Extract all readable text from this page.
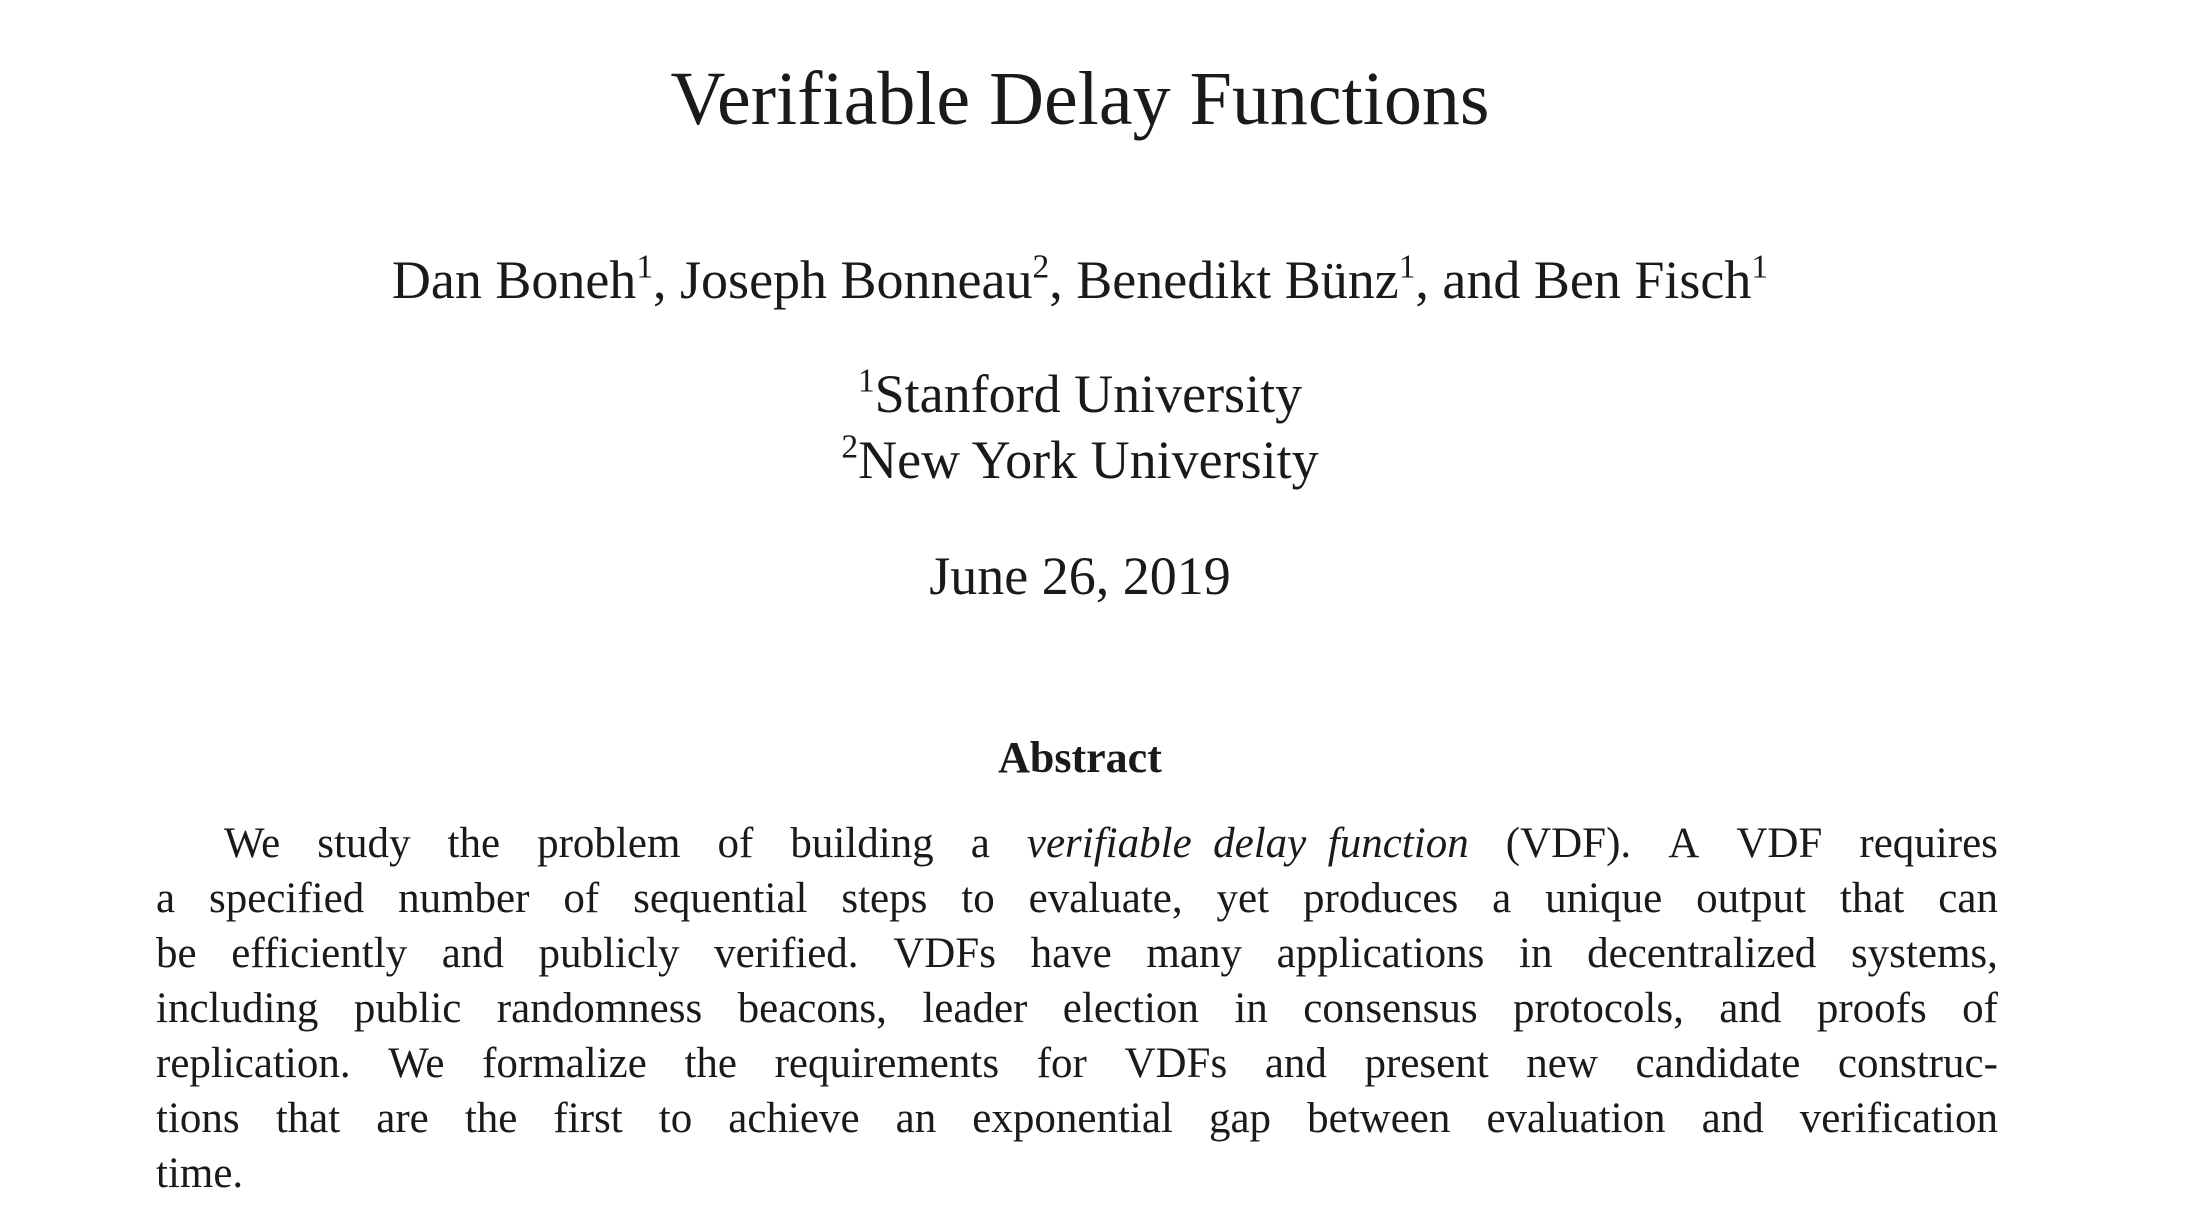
Verifiable Delay Functions
Dan Boneh$^1$, Joseph Bonneau$^2$, Benedikt Bünz$^1$, and Ben Fisch$^1$
$^1$Stanford University
$^2$New York University
June 26, 2019
Abstract
We study the problem of building a verifiable delay function (VDF). A VDF requires
a specified number of sequential steps to evaluate, yet produces a unique output that can
be efficiently and publicly verified. VDFs have many applications in decentralized systems,
including public randomness beacons, leader election in consensus protocols, and proofs of
replication. We formalize the requirements for VDFs and present new candidate construc-
tions that are the first to achieve an exponential gap between evaluation and verification
time.
